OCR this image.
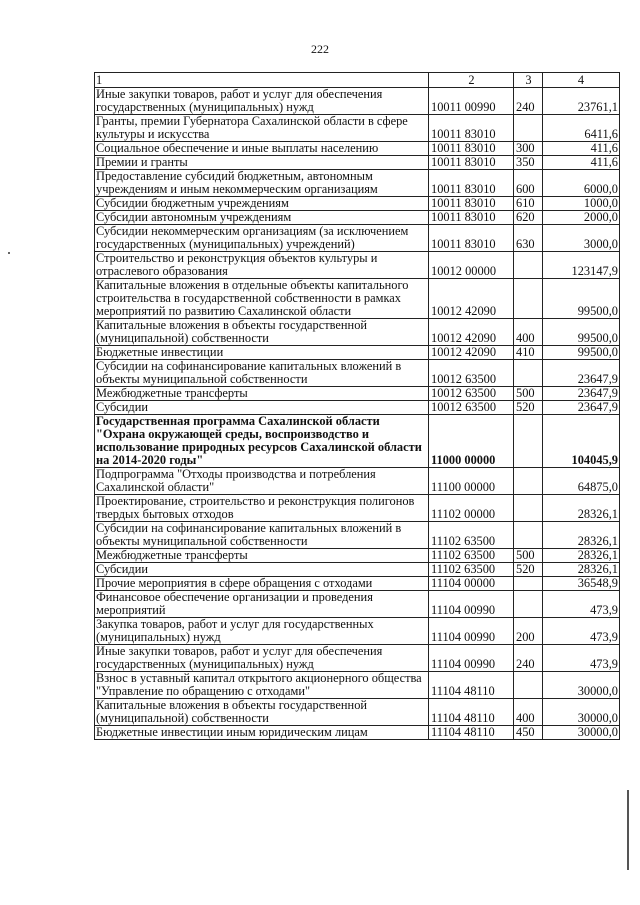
222
1	2	3	4
Иные закупки товаров, работ и услуг для обеспечения государственных (муниципальных) нужд	10011 00990	240	23761,1
Гранты, премии Губернатора Сахалинской области в сфере культуры и искусства	10011 83010		6411,6
Социальное обеспечение и иные выплаты населению	10011 83010	300	411,6
Премии и гранты	10011 83010	350	411,6
Предоставление субсидий бюджетным, автономным учреждениям и иным некоммерческим организациям	10011 83010	600	6000,0
Субсидии бюджетным учреждениям	10011 83010	610	1000,0
Субсидии автономным учреждениям	10011 83010	620	2000,0
Субсидии некоммерческим организациям (за исключением государственных (муниципальных) учреждений)	10011 83010	630	3000,0
Строительство и реконструкция объектов культуры и отраслевого образования	10012 00000		123147,9
Капитальные вложения в отдельные объекты капитального строительства в государственной собственности в рамках мероприятий по развитию Сахалинской области	10012 42090		99500,0
Капитальные вложения в объекты государственной (муниципальной) собственности	10012 42090	400	99500,0
Бюджетные инвестиции	10012 42090	410	99500,0
Субсидии на софинансирование капитальных вложений в объекты муниципальной собственности	10012 63500		23647,9
Межбюджетные трансферты	10012 63500	500	23647,9
Субсидии	10012 63500	520	23647,9
Государственная программа Сахалинской области "Охрана окружающей среды, воспроизводство и использование природных ресурсов Сахалинской области на 2014-2020 годы"	11000 00000		104045,9
Подпрограмма "Отходы производства и потребления Сахалинской области"	11100 00000		64875,0
Проектирование, строительство и реконструкция полигонов твердых бытовых отходов	11102 00000		28326,1
Субсидии на софинансирование капитальных вложений в объекты муниципальной собственности	11102 63500		28326,1
Межбюджетные трансферты	11102 63500	500	28326,1
Субсидии	11102 63500	520	28326,1
Прочие мероприятия в сфере обращения с отходами	11104 00000		36548,9
Финансовое обеспечение организации и проведения мероприятий	11104 00990		473,9
Закупка товаров, работ и услуг для государственных (муниципальных) нужд	11104 00990	200	473,9
Иные закупки товаров, работ и услуг для обеспечения государственных (муниципальных) нужд	11104 00990	240	473,9
Взнос в уставный капитал открытого акционерного общества "Управление по обращению с отходами"	11104 48110		30000,0
Капитальные вложения в объекты государственной (муниципальной) собственности	11104 48110	400	30000,0
Бюджетные инвестиции иным юридическим лицам	11104 48110	450	30000,0
